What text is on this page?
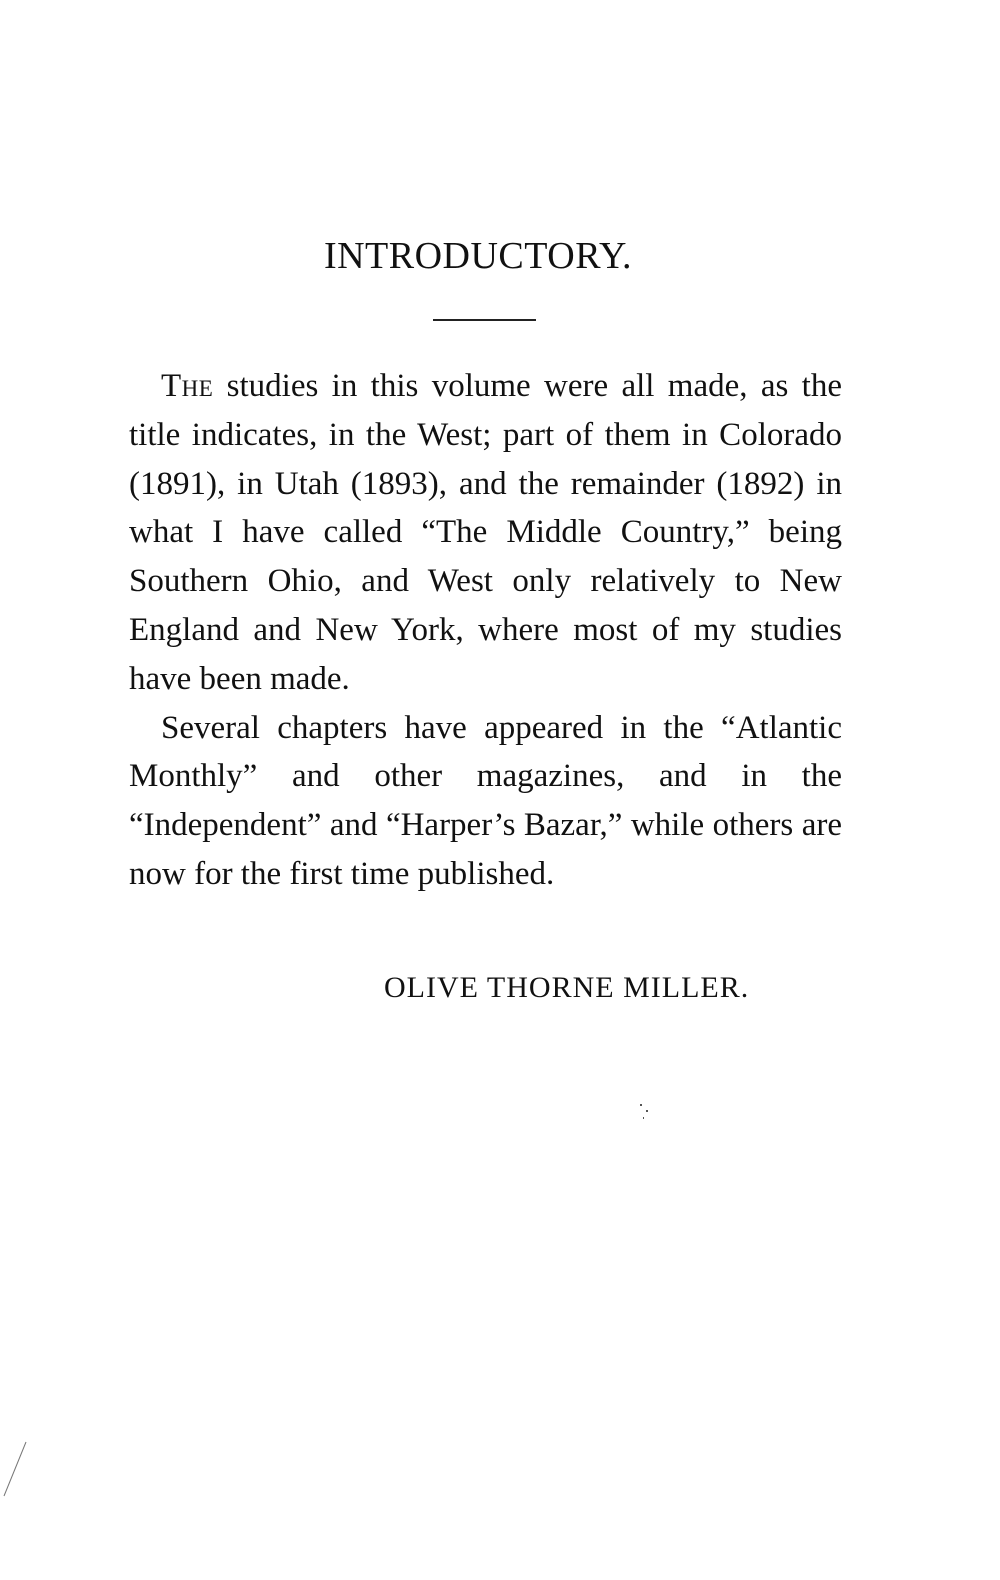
INTRODUCTORY.

The studies in this volume were all made, as the title indicates, in the West; part of them in Colorado (1891), in Utah (1893), and the remainder (1892) in what I have called “The Middle Country,” being Southern Ohio, and West only relatively to New England and New York, where most of my studies have been made.

Several chapters have appeared in the “Atlantic Monthly” and other magazines, and in the “Independent” and “Harper’s Bazar,” while others are now for the first time published.

OLIVE THORNE MILLER.
